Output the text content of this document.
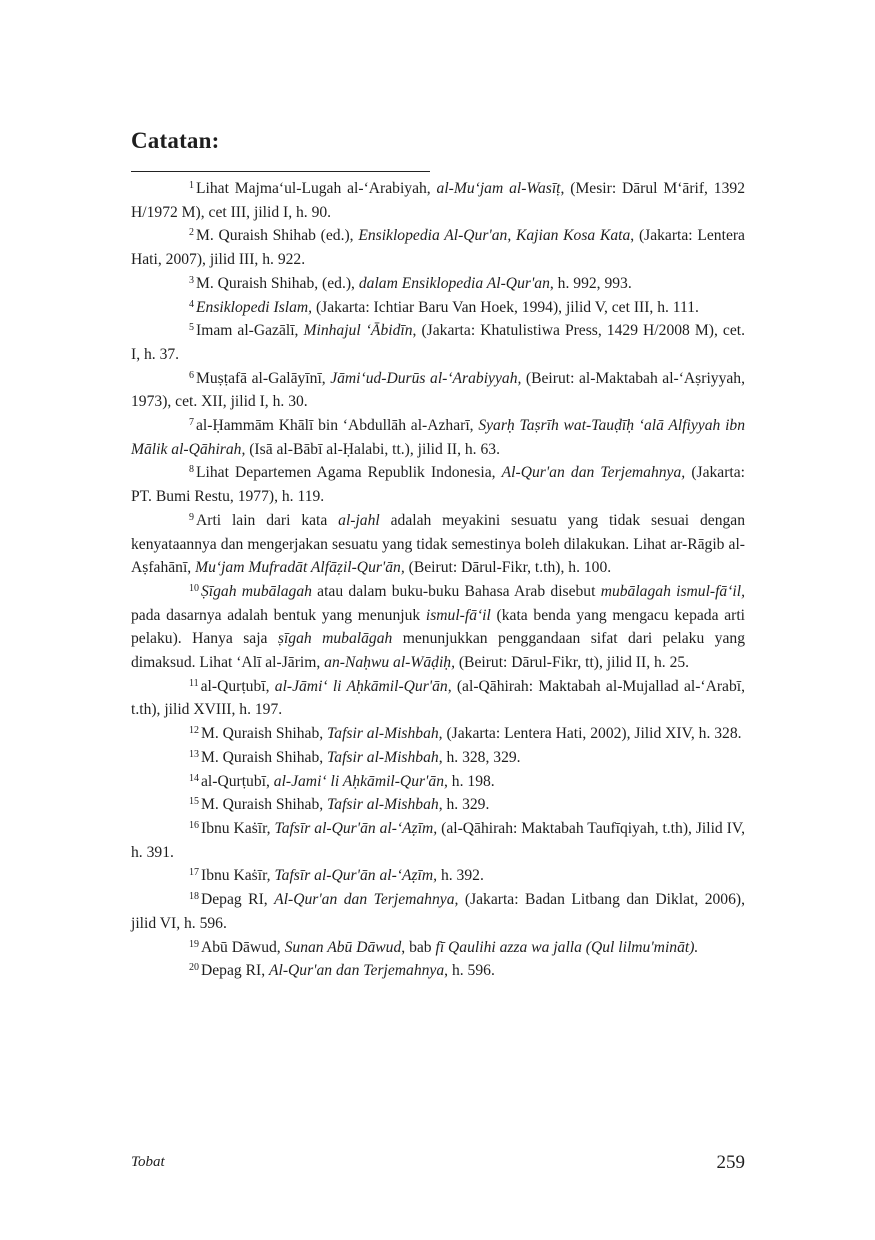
Catatan:

$^1$ Lihat Majma‘ul-Lugah al-‘Arabiyah, al-Mu‘jam al-Wasīṭ, (Mesir: Dārul M‘ārif, 1392 H/1972 M), cet III, jilid I, h. 90.

$^2$ M. Quraish Shihab (ed.), Ensiklopedia Al-Qur'an, Kajian Kosa Kata, (Jakarta: Lentera Hati, 2007), jilid III, h. 922.

$^3$ M. Quraish Shihab, (ed.), dalam Ensiklopedia Al-Qur'an, h. 992, 993.

$^4$ Ensiklopedi Islam, (Jakarta: Ichtiar Baru Van Hoek, 1994), jilid V, cet III, h. 111.

$^5$ Imam al-Gazālī, Minhajul ‘Ābidīn, (Jakarta: Khatulistiwa Press, 1429 H/2008 M), cet. I, h. 37.

$^6$ Muṣṭafā al-Galāyīnī, Jāmi‘ud-Durūs al-‘Arabiyyah, (Beirut: al-Maktabah al-‘Aṣriyyah, 1973), cet. XII, jilid I, h. 30.

$^7$ al-Ḥammām Khālī bin ‘Abdullāh al-Azharī, Syarḥ Taṣrīh wat-Tauḍīḥ ‘alā Alfiyyah ibn Mālik al-Qāhirah, (Isā al-Bābī al-Ḥalabi, tt.), jilid II, h. 63.

$^8$ Lihat Departemen Agama Republik Indonesia, Al-Qur'an dan Terjemahnya, (Jakarta: PT. Bumi Restu, 1977), h. 119.

$^9$ Arti lain dari kata al-jahl adalah meyakini sesuatu yang tidak sesuai dengan kenyataannya dan mengerjakan sesuatu yang tidak semestinya boleh dilakukan. Lihat ar-Rāgib al-Aṣfahānī, Mu‘jam Mufradāt Alfāẓil-Qur'ān, (Beirut: Dārul-Fikr, t.th), h. 100.

$^{10}$ Ṣīgah mubālagah atau dalam buku-buku Bahasa Arab disebut mubālagah ismul-fā‘il, pada dasarnya adalah bentuk yang menunjuk ismul-fā‘il (kata benda yang mengacu kepada arti pelaku). Hanya saja ṣīgah mubalāgah menunjukkan penggandaan sifat dari pelaku yang dimaksud. Lihat ‘Alī al-Jārim, an-Naḥwu al-Wāḍiḥ, (Beirut: Dārul-Fikr, tt), jilid II, h. 25.

$^{11}$ al-Qurṭubī, al-Jāmi‘ li Aḥkāmil-Qur'ān, (al-Qāhirah: Maktabah al-Mujallad al-‘Arabī, t.th), jilid XVIII, h. 197.

$^{12}$ M. Quraish Shihab, Tafsir al-Mishbah, (Jakarta: Lentera Hati, 2002), Jilid XIV, h. 328.

$^{13}$ M. Quraish Shihab, Tafsir al-Mishbah, h. 328, 329.

$^{14}$ al-Qurṭubī, al-Jami‘ li Aḥkāmil-Qur'ān, h. 198.

$^{15}$ M. Quraish Shihab, Tafsir al-Mishbah, h. 329.

$^{16}$ Ibnu Kaṡīr, Tafsīr al-Qur'ān al-‘Aẓīm, (al-Qāhirah: Maktabah Taufīqiyah, t.th), Jilid IV, h. 391.

$^{17}$ Ibnu Kaṡīr, Tafsīr al-Qur'ān al-‘Aẓīm, h. 392.

$^{18}$ Depag RI, Al-Qur'an dan Terjemahnya, (Jakarta: Badan Litbang dan Diklat, 2006), jilid VI, h. 596.

$^{19}$ Abū Dāwud, Sunan Abū Dāwud, bab fī Qaulihi azza wa jalla (Qul lilmu'mināt).

$^{20}$ Depag RI, Al-Qur'an dan Terjemahnya, h. 596.

Tobat	259
